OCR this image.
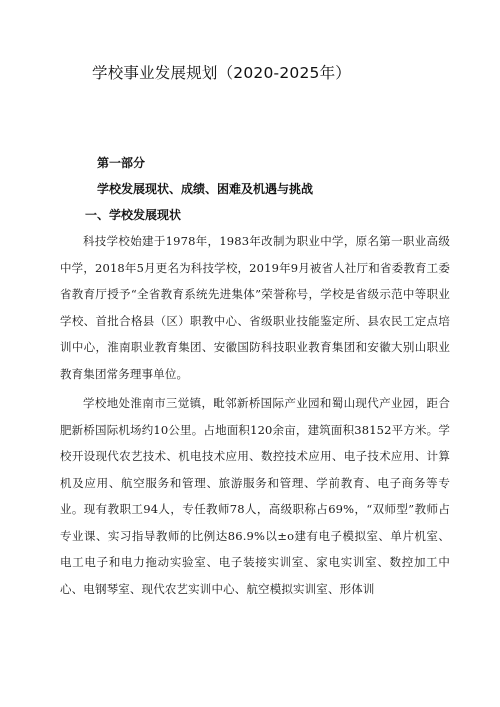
学校事业发展规划（2020-2025年）

第一部分

学校发展现状、成绩、困难及机遇与挑战

一、学校发展现状

科技学校始建于1978年，1983年改制为职业中学，原名第一职业高级中学，2018年5月更名为科技学校，2019年9月被省人社厅和省委教育工委省教育厅授予“全省教育系统先进集体”荣誉称号，学校是省级示范中等职业学校、首批合格县（区）职教中心、省级职业技能鉴定所、县农民工定点培训中心，淮南职业教育集团、安徽国防科技职业教育集团和安徽大别山职业教育集团常务理事单位。

学校地处淮南市三觉镇，毗邻新桥国际产业园和蜀山现代产业园，距合肥新桥国际机场约10公里。占地面积120余亩，建筑面积38152平方米。学校开设现代农艺技术、机电技术应用、数控技术应用、电子技术应用、计算机及应用、航空服务和管理、旅游服务和管理、学前教育、电子商务等专业。现有教职工94人，专任教师78人，高级职称占69%，“双师型”教师占专业课、实习指导教师的比例达86.9%以±o建有电子模拟室、单片机室、电工电子和电力拖动实验室、电子装接实训室、家电实训室、数控加工中心、电钢琴室、现代农艺实训中心、航空模拟实训室、形体训
